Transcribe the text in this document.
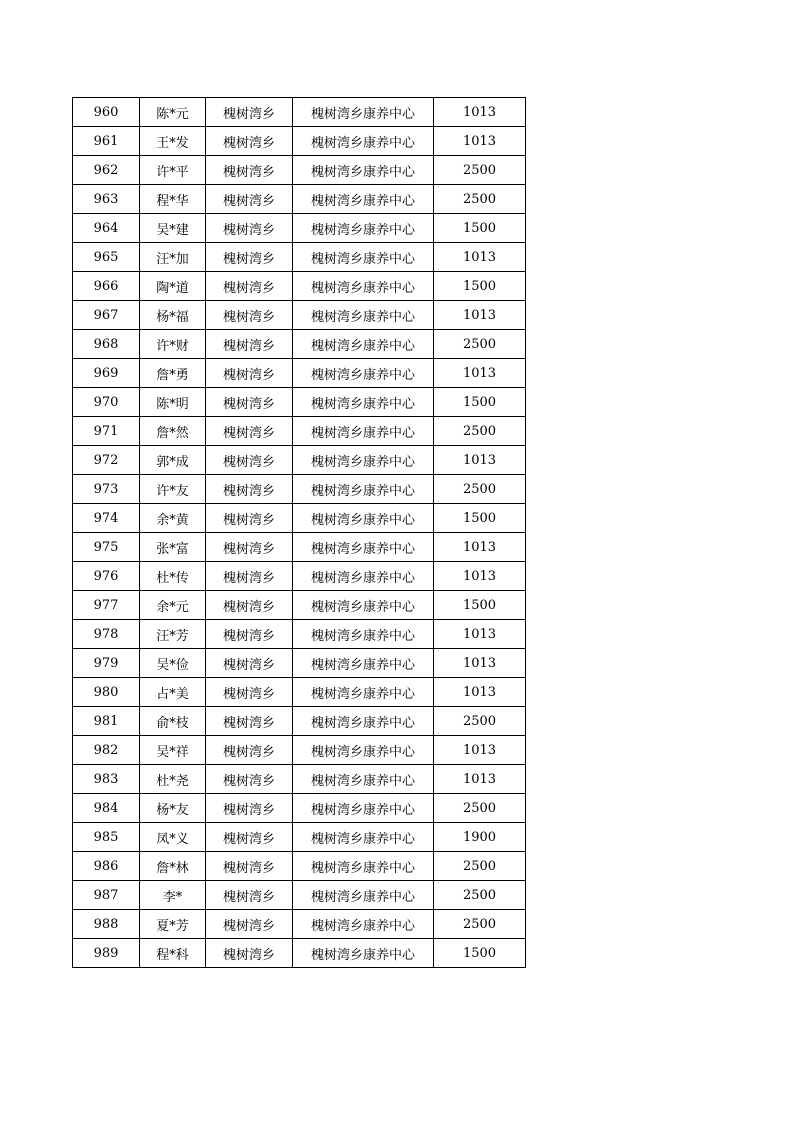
960	陈*元	槐树湾乡	槐树湾乡康养中心	1013
961	王*发	槐树湾乡	槐树湾乡康养中心	1013
962	许*平	槐树湾乡	槐树湾乡康养中心	2500
963	程*华	槐树湾乡	槐树湾乡康养中心	2500
964	吴*建	槐树湾乡	槐树湾乡康养中心	1500
965	汪*加	槐树湾乡	槐树湾乡康养中心	1013
966	陶*道	槐树湾乡	槐树湾乡康养中心	1500
967	杨*福	槐树湾乡	槐树湾乡康养中心	1013
968	许*财	槐树湾乡	槐树湾乡康养中心	2500
969	詹*勇	槐树湾乡	槐树湾乡康养中心	1013
970	陈*明	槐树湾乡	槐树湾乡康养中心	1500
971	詹*然	槐树湾乡	槐树湾乡康养中心	2500
972	郭*成	槐树湾乡	槐树湾乡康养中心	1013
973	许*友	槐树湾乡	槐树湾乡康养中心	2500
974	余*黄	槐树湾乡	槐树湾乡康养中心	1500
975	张*富	槐树湾乡	槐树湾乡康养中心	1013
976	杜*传	槐树湾乡	槐树湾乡康养中心	1013
977	余*元	槐树湾乡	槐树湾乡康养中心	1500
978	汪*芳	槐树湾乡	槐树湾乡康养中心	1013
979	吴*俭	槐树湾乡	槐树湾乡康养中心	1013
980	占*美	槐树湾乡	槐树湾乡康养中心	1013
981	俞*枝	槐树湾乡	槐树湾乡康养中心	2500
982	吴*祥	槐树湾乡	槐树湾乡康养中心	1013
983	杜*尧	槐树湾乡	槐树湾乡康养中心	1013
984	杨*友	槐树湾乡	槐树湾乡康养中心	2500
985	凤*义	槐树湾乡	槐树湾乡康养中心	1900
986	詹*林	槐树湾乡	槐树湾乡康养中心	2500
987	李*	槐树湾乡	槐树湾乡康养中心	2500
988	夏*芳	槐树湾乡	槐树湾乡康养中心	2500
989	程*科	槐树湾乡	槐树湾乡康养中心	1500
